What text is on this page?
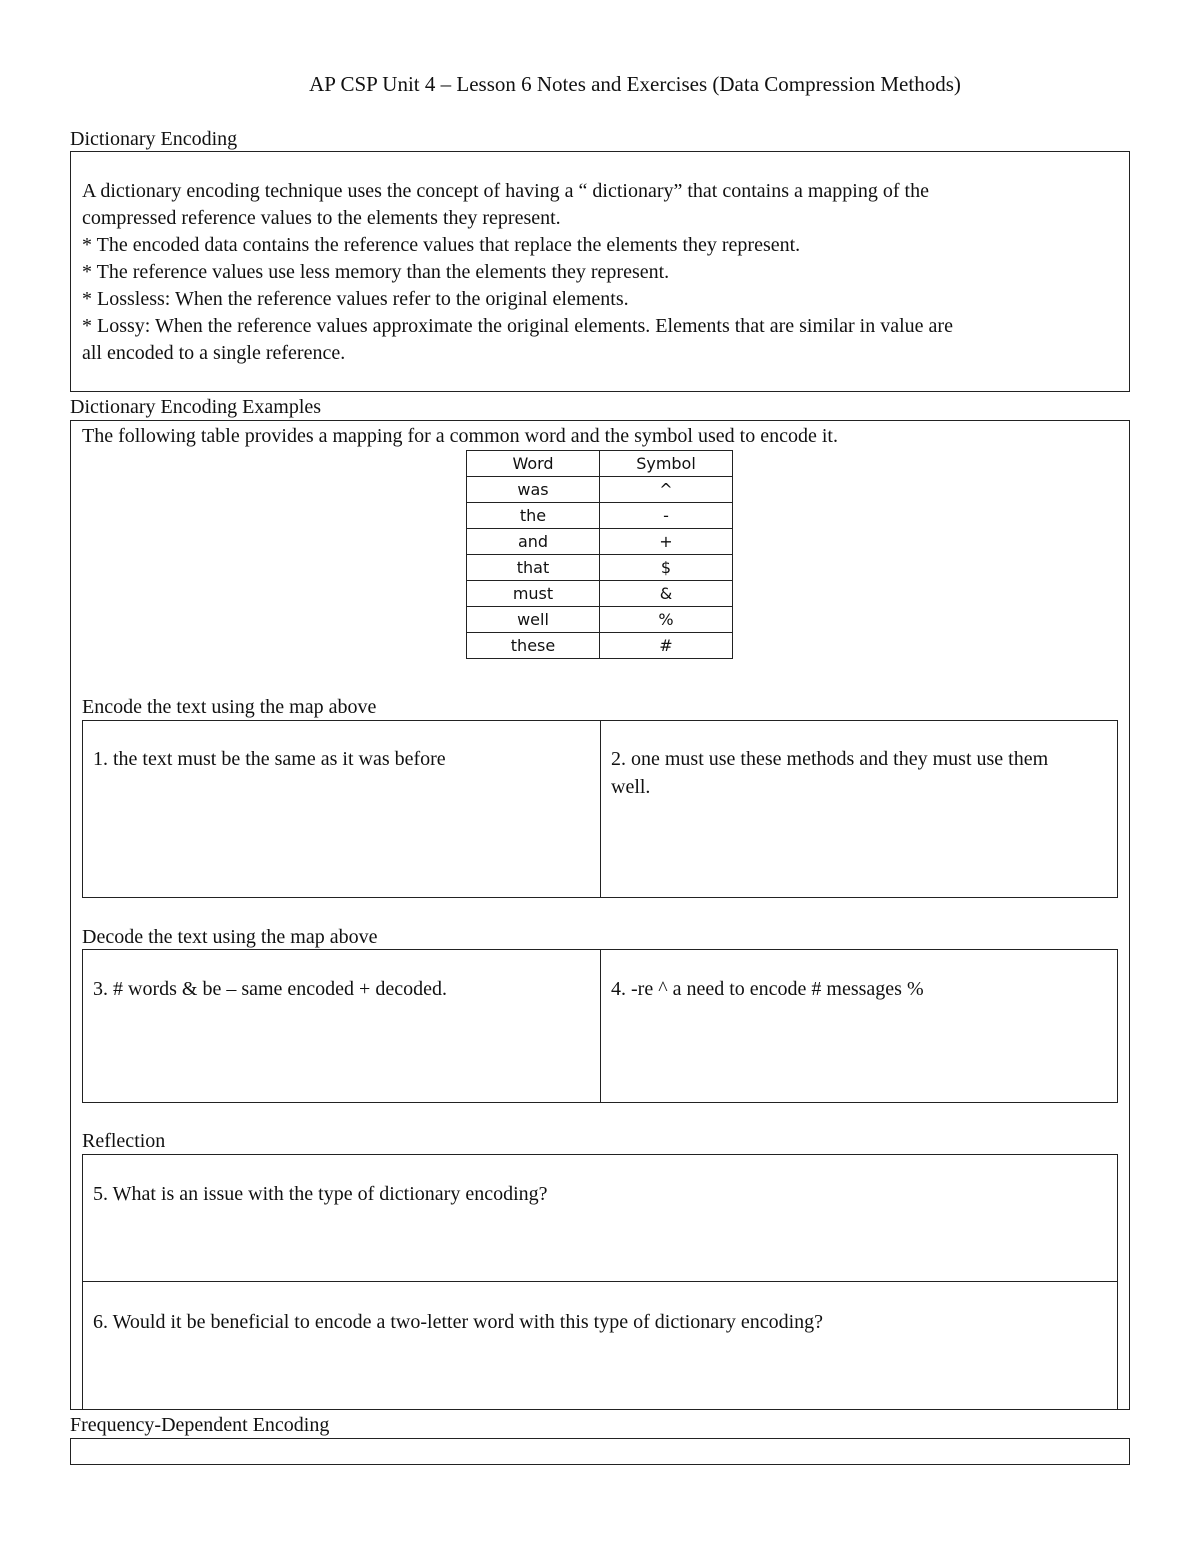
AP CSP Unit 4 – Lesson 6 Notes and Exercises (Data Compression Methods)
Dictionary Encoding
A dictionary encoding technique uses the concept of having a “ dictionary” that contains a mapping of the
compressed reference values to the elements they represent.
* The encoded data contains the reference values that replace the elements they represent.
* The reference values use less memory than the elements they represent.
* Lossless: When the reference values refer to the original elements.
* Lossy: When the reference values approximate the original elements. Elements that are similar in value are
all encoded to a single reference.
Dictionary Encoding Examples
The following table provides a mapping for a common word and the symbol used to encode it.
Word	Symbol
was	^
the	-
and	+
that	$
must	&
well	%
these	#
Encode the text using the map above
1. the text must be the same as it was before	2. one must use these methods and they must use them well.
Decode the text using the map above
3. # words & be – same encoded + decoded.	4. -re ^ a need to encode # messages %
Reflection
5. What is an issue with the type of dictionary encoding?
6. Would it be beneficial to encode a two-letter word with this type of dictionary encoding?
Frequency-Dependent Encoding
